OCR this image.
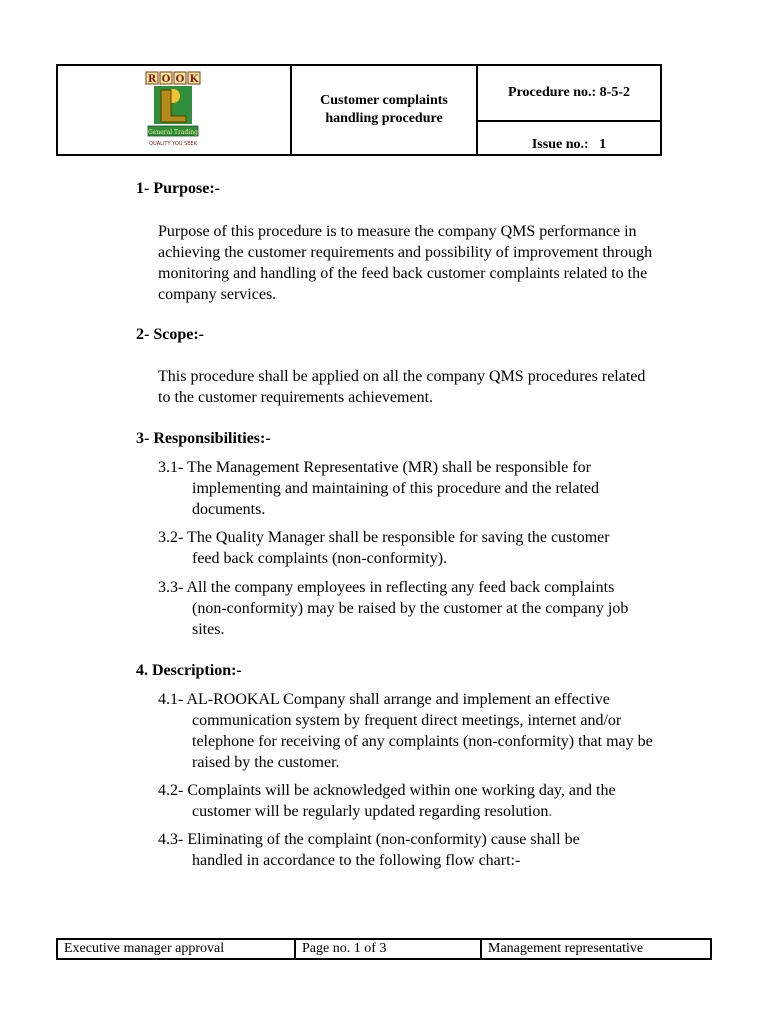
R O O K
General Trading
QUALITY YOU SEEK
Customer complaints handling procedure
Procedure no.: 8-5-2
Issue no.:   1
1- Purpose:-
Purpose of this procedure is to measure the company QMS performance in achieving the customer requirements and possibility of improvement through monitoring and handling of the feed back customer complaints related to the company services.
2- Scope:-
This procedure shall be applied on all the company QMS procedures related to the customer requirements achievement.
3- Responsibilities:-
3.1- The Management Representative (MR) shall be responsible for
implementing and maintaining of this procedure and the related documents.
3.2- The Quality Manager shall be responsible for saving the customer
feed back complaints (non-conformity).
3.3- All the company employees in reflecting any feed back complaints
(non-conformity) may be raised by the customer at the company job sites.
4. Description:-
4.1- AL-ROOKAL Company shall arrange and implement an effective
communication system by frequent direct meetings, internet and/or telephone for receiving of any complaints (non-conformity) that may be raised by the customer.
4.2- Complaints will be acknowledged within one working day, and the
customer will be regularly updated regarding resolution.
4.3- Eliminating of the complaint (non-conformity) cause shall be
handled in accordance to the following flow chart:-
Executive manager approval	Page no. 1 of 3	Management representative
